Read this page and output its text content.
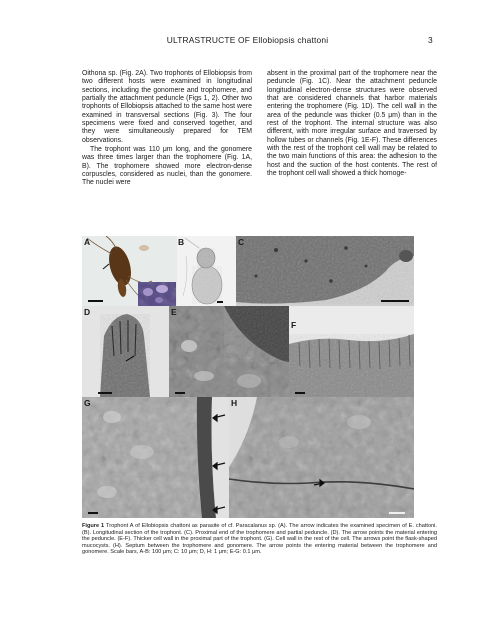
ULTRASTRUCTE OF Ellobiopsis chattoni	3

Oithona sp. (Fig. 2A). Two trophonts of Ellobiopsis from two different hosts were examined in longitudinal sections, including the gonomere and trophomere, and partially the attachment peduncle (Figs 1, 2). Other two trophonts of Ellobiopsis attached to the same host were examined in transversal sections (Fig. 3). The four specimens were fixed and conserved together, and they were simultaneously prepared for TEM observations.

The trophont was 110 μm long, and the gonomere was three times larger than the trophomere (Fig. 1A, B). The trophomere showed more electron-dense corpuscles, considered as nuclei, than the gonomere. The nuclei were

absent in the proximal part of the trophomere near the peduncle (Fig. 1C). Near the attachment peduncle longitudinal electron-dense structures were observed that are considered channels that harbor materials entering the trophomere (Fig. 1D). The cell wall in the area of the peduncle was thicker (0.5 μm) than in the rest of the trophont. The internal structure was also different, with more irregular surface and traversed by hollow tubes or channels (Fig. 1E-F). These differences with the rest of the trophont cell wall may be related to the two main functions of this area: the adhesion to the host and the suction of the host contents. The rest of the trophont cell wall showed a thick homoge-

A	B	C
D	E
F
G	H
Figure 1 Trophont A of Ellobiopsis chattoni as parasite of cf. Paracalanus sp. (A). The arrow indicates the examined specimen of E. chattoni. (B). Longitudinal section of the trophont. (C). Proximal end of the trophomere and partial peduncle. (D). The arrow points the material entering the peduncle. (E-F). Thicker cell wall in the proximal part of the trophont. (G). Cell wall in the rest of the cell. The arrows point the flask-shaped mucocysts. (H). Septum between the trophomere and gonomere. The arrow points the entering material between the trophomere and gonomere. Scale bars, A-B: 100 μm; C: 10 μm; D, H: 1 μm; E-G: 0.1 μm.
